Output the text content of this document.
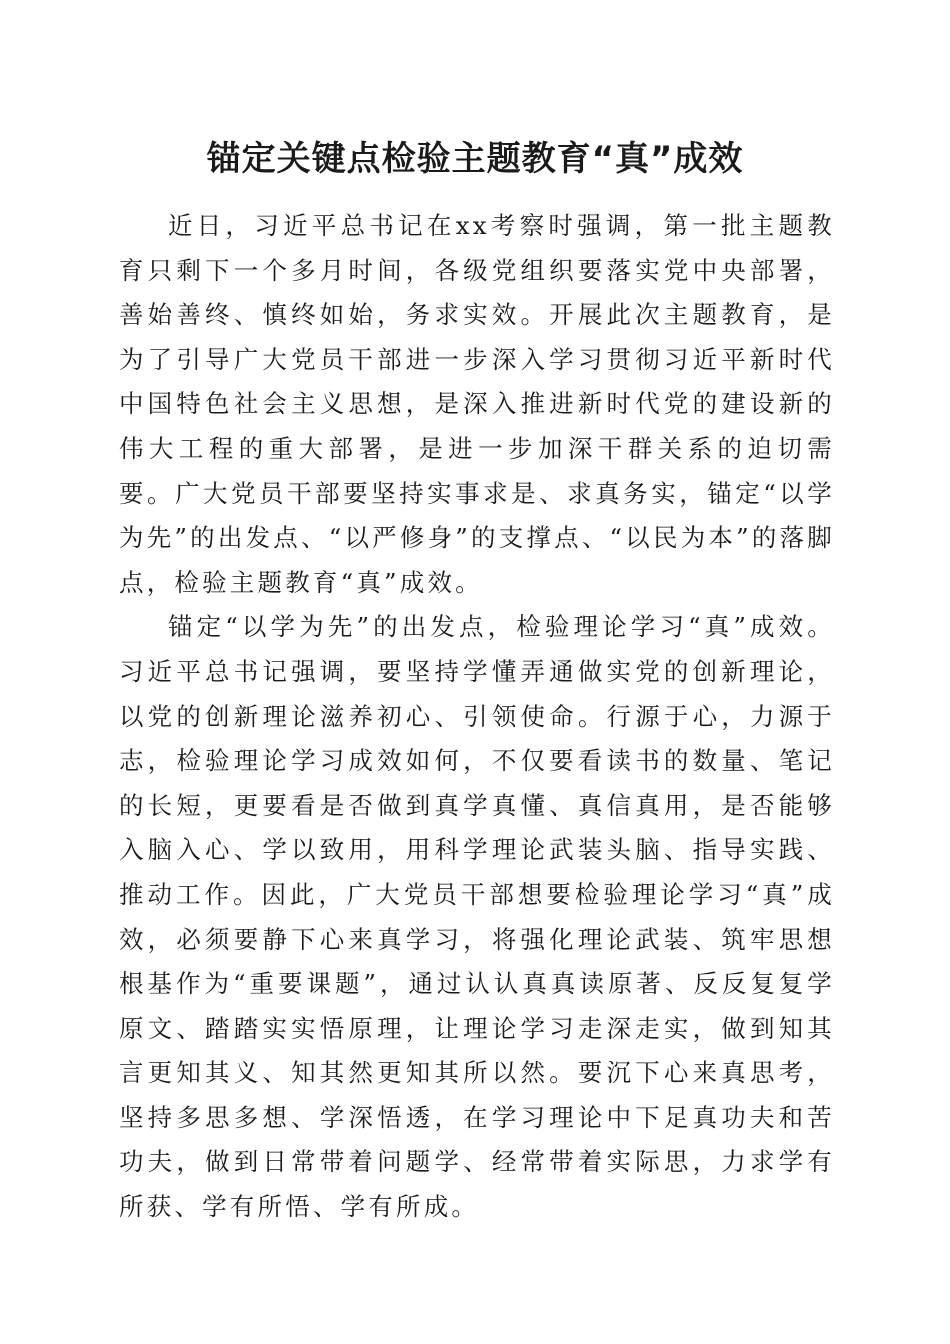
锚定关键点检验主题教育“真”成效

近日，习近平总书记在xx考察时强调，第一批主题教育只剩下一个多月时间，各级党组织要落实党中央部署，善始善终、慎终如始，务求实效。开展此次主题教育，是为了引导广大党员干部进一步深入学习贯彻习近平新时代中国特色社会主义思想，是深入推进新时代党的建设新的伟大工程的重大部署，是进一步加深干群关系的迫切需要。广大党员干部要坚持实事求是、求真务实，锚定“以学为先”的出发点、“以严修身”的支撑点、“以民为本”的落脚点，检验主题教育“真”成效。

锚定“以学为先”的出发点，检验理论学习“真”成效。习近平总书记强调，要坚持学懂弄通做实党的创新理论，以党的创新理论滋养初心、引领使命。行源于心，力源于志，检验理论学习成效如何，不仅要看读书的数量、笔记的长短，更要看是否做到真学真懂、真信真用，是否能够入脑入心、学以致用，用科学理论武装头脑、指导实践、推动工作。因此，广大党员干部想要检验理论学习“真”成效，必须要静下心来真学习，将强化理论武装、筑牢思想根基作为“重要课题”，通过认认真真读原著、反反复复学原文、踏踏实实悟原理，让理论学习走深走实，做到知其言更知其义、知其然更知其所以然。要沉下心来真思考，坚持多思多想、学深悟透，在学习理论中下足真功夫和苦功夫，做到日常带着问题学、经常带着实际思，力求学有所获、学有所悟、学有所成。
